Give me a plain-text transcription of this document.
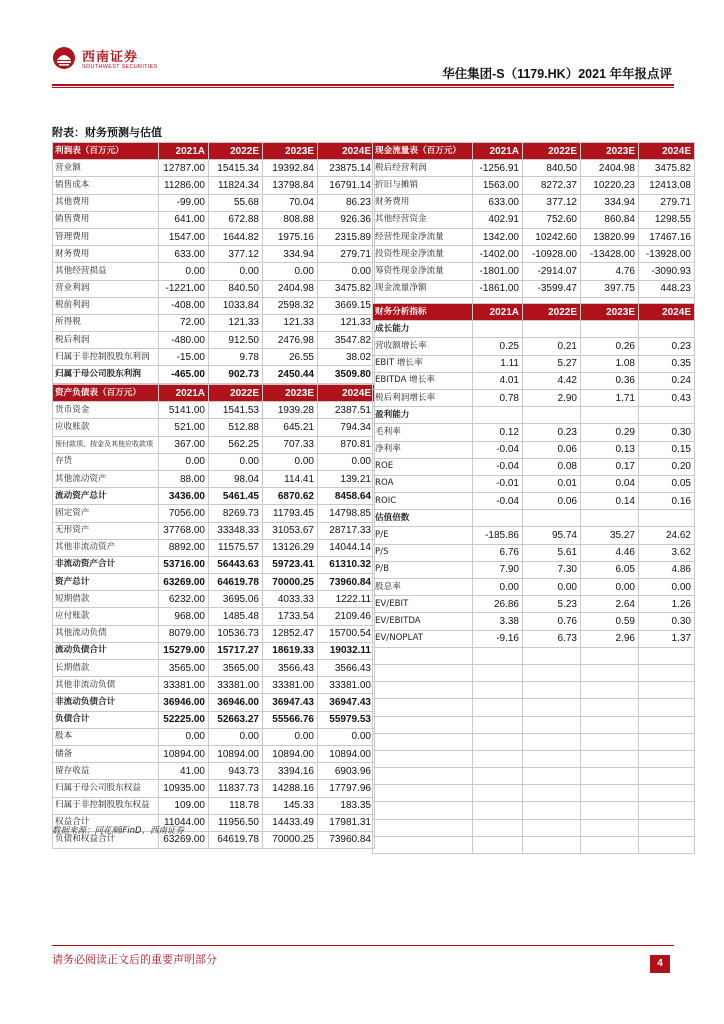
西南证券
SOUTHWEST SECURITIES	华住集团-S（1179.HK）2021 年年报点评
附表：财务预测与估值
利润表（百万元）	2021A	2022E	2023E	2024E
营业额	12787.00	15415.34	19392.84	23875.14
销售成本	11286.00	11824.34	13798.84	16791.14
其他费用	-99.00	55.68	70.04	86.23
销售费用	641.00	672.88	808.88	926.36
管理费用	1547.00	1644.82	1975.16	2315.89
财务费用	633.00	377.12	334.94	279.71
其他经营损益	0.00	0.00	0.00	0.00
营业利润	-1221.00	840.50	2404.98	3475.82
税前利润	-408.00	1033.84	2598.32	3669.15
所得税	72.00	121.33	121.33	121.33
税后利润	-480.00	912.50	2476.98	3547.82
归属于非控制股股东利润	-15.00	9.78	26.55	38.02
归属于母公司股东利润	-465.00	902.73	2450.44	3509.80

资产负债表（百万元）	2021A	2022E	2023E	2024E
货币资金	5141.00	1541.53	1939.28	2387.51
应收账款	521.00	512.88	645.21	794.34
预付款项、按金及其他应收款项	367.00	562.25	707.33	870.81
存货	0.00	0.00	0.00	0.00
其他流动资产	88.00	98.04	114.41	139.21
流动资产总计	3436.00	5461.45	6870.62	8458.64
固定资产	7056.00	8269.73	11793.45	14798.85
无形资产	37768.00	33348.33	31053.67	28717.33
其他非流动资产	8892.00	11575.57	13126.29	14044.14
非流动资产合计	53716.00	56443.63	59723.41	61310.32
资产总计	63269.00	64619.78	70000.25	73960.84
短期借款	6232.00	3695.06	4033.33	1222.11
应付账款	968.00	1485.48	1733.54	2109.46
其他流动负债	8079.00	10536.73	12852.47	15700.54
流动负债合计	15279.00	15717.27	18619.33	19032.11
长期借款	3565.00	3565.00	3566.43	3566.43
其他非流动负债	33381.00	33381.00	33381.00	33381.00
非流动负债合计	36946.00	36946.00	36947.43	36947.43
负债合计	52225.00	52663.27	55566.76	55979.53
股本	0.00	0.00	0.00	0.00
储备	10894.00	10894.00	10894.00	10894.00
留存收益	41.00	943.73	3394.16	6903.96
归属于母公司股东权益	10935.00	11837.73	14288.16	17797.96
归属于非控制股股东权益	109.00	118.78	145.33	183.35
权益合计	11044.00	11956.50	14433.49	17981.31
负债和权益合计	63269.00	64619.78	70000.25	73960.84
现金流量表（百万元）	2021A	2022E	2023E	2024E
税后经营利润	-1256.91	840.50	2404.98	3475.82
折旧与摊销	1563.00	8272.37	10220.23	12413.08
财务费用	633.00	377.12	334.94	279.71
其他经营资金	402.91	752.60	860.84	1298.55
经营性现金净流量	1342.00	10242.60	13820.99	17467.16
投资性现金净流量	-1402.00	-10928.00	-13428.00	-13928.00
筹资性现金净流量	-1801.00	-2914.07	4.76	-3090.93
现金流量净额	-1861.00	-3599.47	397.75	448.23

财务分析指标	2021A	2022E	2023E	2024E
成长能力				
营收额增长率	0.25	0.21	0.26	0.23
EBIT 增长率	1.11	5.27	1.08	0.35
EBITDA 增长率	4.01	4.42	0.36	0.24
税后利润增长率	0.78	2.90	1.71	0.43
盈利能力				
毛利率	0.12	0.23	0.29	0.30
净利率	-0.04	0.06	0.13	0.15
ROE	-0.04	0.08	0.17	0.20
ROA	-0.01	0.01	0.04	0.05
ROIC	-0.04	0.06	0.14	0.16
估值倍数				
P/E	-185.86	95.74	35.27	24.62
P/S	6.76	5.61	4.46	3.62
P/B	7.90	7.30	6.05	4.86
股息率	0.00	0.00	0.00	0.00
EV/EBIT	26.86	5.23	2.64	1.26
EV/EBITDA	3.38	0.76	0.59	0.30
EV/NOPLAT	-9.16	6.73	2.96	1.37

数据来源：同花顺iFinD、西南证券
请务必阅读正文后的重要声明部分	4
